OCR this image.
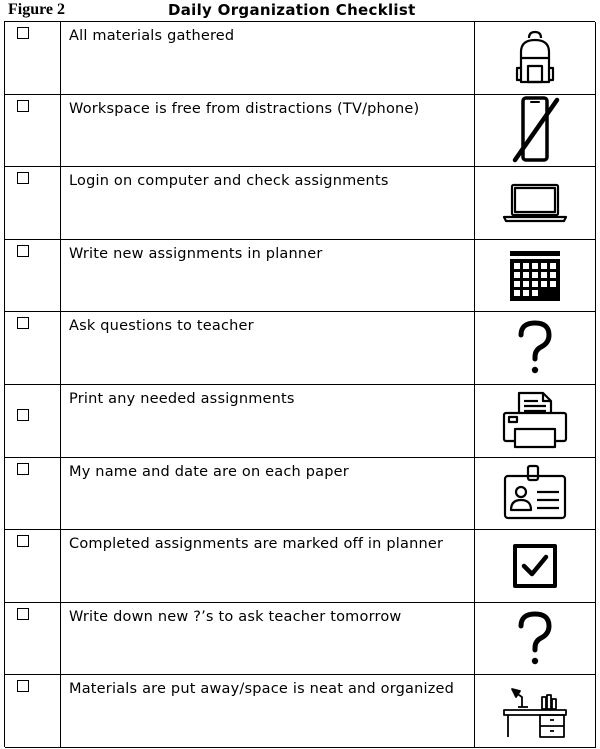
Figure 2	Daily Organization Checklist
All materials gathered
Workspace is free from distractions (TV/phone)
Login on computer and check assignments
Write new assignments in planner
Ask questions to teacher
Print any needed assignments
My name and date are on each paper
Completed assignments are marked off in planner
Write down new ?’s to ask teacher tomorrow
Materials are put away/space is neat and organized
